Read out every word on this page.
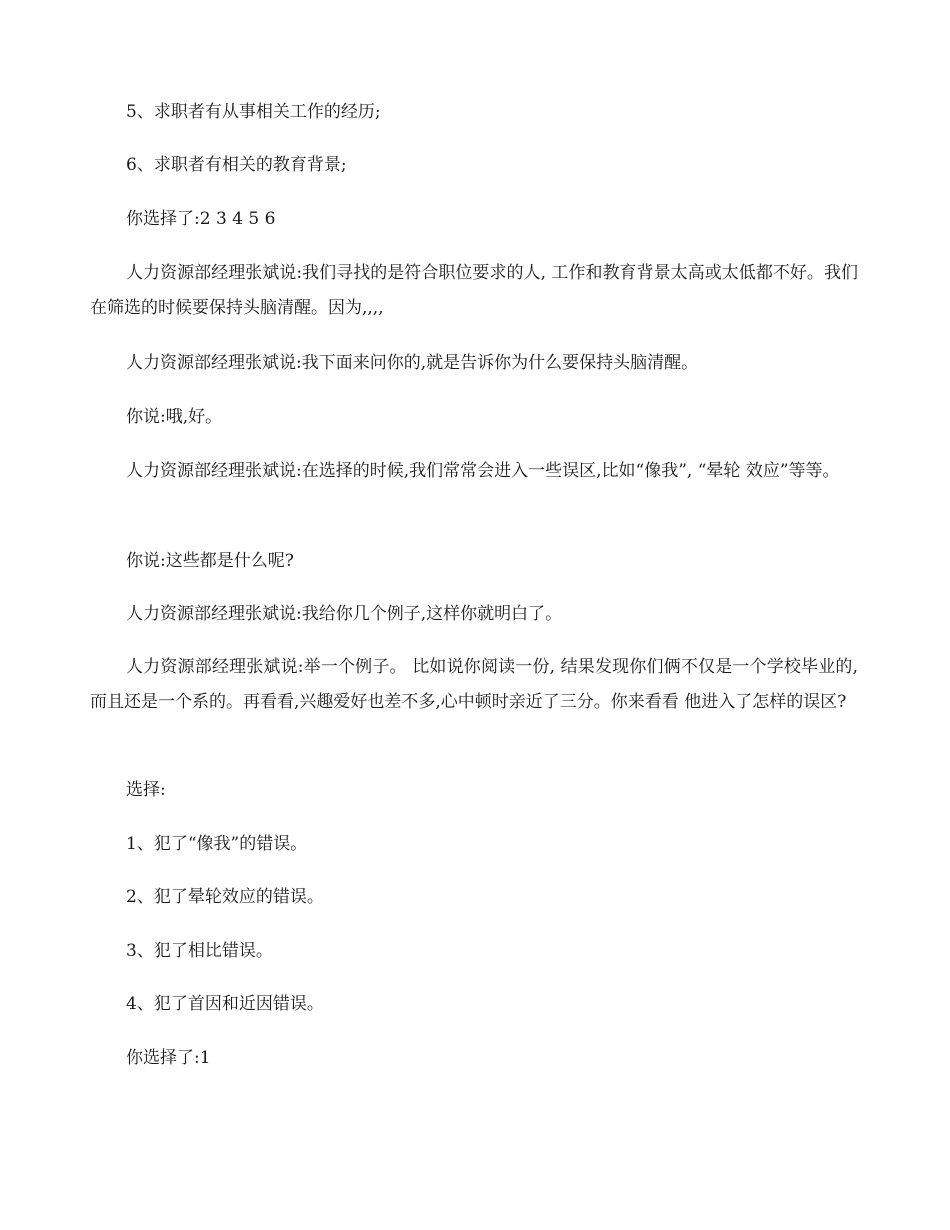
5、求职者有从事相关工作的经历;

6、求职者有相关的教育背景;

你选择了:2 3 4 5 6

人力资源部经理张斌说:我们寻找的是符合职位要求的人, 工作和教育背景太高或太低都不好。我们在筛选的时候要保持头脑清醒。因为,,,,

人力资源部经理张斌说:我下面来问你的,就是告诉你为什么要保持头脑清醒。

你说:哦,好。

人力资源部经理张斌说:在选择的时候,我们常常会进入一些误区,比如“像我”, “晕轮 效应”等等。

你说:这些都是什么呢?

人力资源部经理张斌说:我给你几个例子,这样你就明白了。

人力资源部经理张斌说:举一个例子。 比如说你阅读一份, 结果发现你们俩不仅是一个学校毕业的,而且还是一个系的。再看看,兴趣爱好也差不多,心中顿时亲近了三分。你来看看 他进入了怎样的误区?

选择:

1、犯了“像我”的错误。

2、犯了晕轮效应的错误。

3、犯了相比错误。

4、犯了首因和近因错误。

你选择了:1
